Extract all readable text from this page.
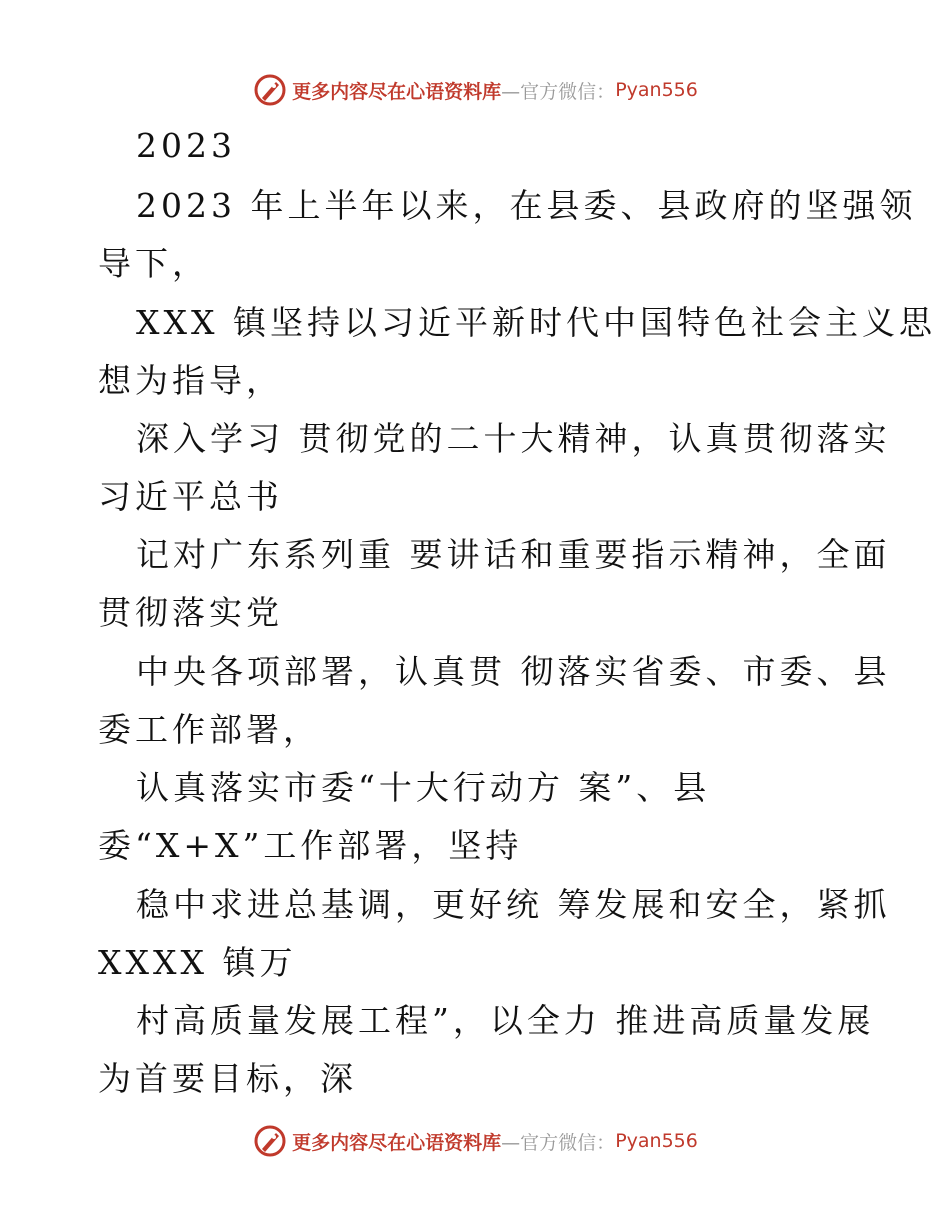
更多内容尽在心语资料库 —官方微信： Pyan556
2023
2023 年上半年以来，在县委、县政府的坚强领
导下，
XXX 镇坚持以习近平新时代中国特色社会主义思
想为指导，
深入学习 贯彻党的二十大精神，认真贯彻落实
习近平总书
记对广东系列重 要讲话和重要指示精神，全面
贯彻落实党
中央各项部署，认真贯 彻落实省委、市委、县
委工作部署，
认真落实市委“十大行动方 案”、县
委“X+X”工作部署，坚持
稳中求进总基调，更好统 筹发展和安全，紧抓
XXXX 镇万
村高质量发展工程”，以全力 推进高质量发展
为首要目标，深
更多内容尽在心语资料库 —官方微信： Pyan556
